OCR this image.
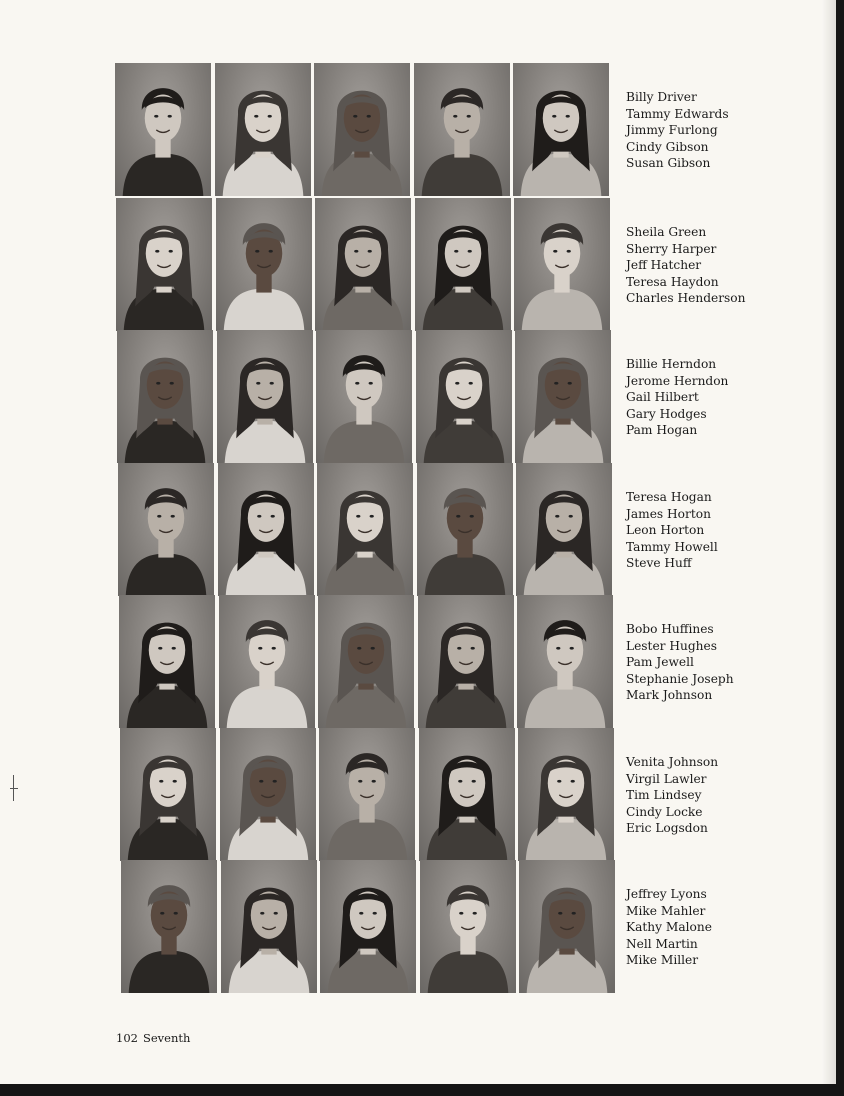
Billy Driver
Tammy Edwards
Jimmy Furlong
Cindy Gibson
Susan Gibson
Sheila Green
Sherry Harper
Jeff Hatcher
Teresa Haydon
Charles Henderson
Billie Herndon
Jerome Herndon
Gail Hilbert
Gary Hodges
Pam Hogan
Teresa Hogan
James Horton
Leon Horton
Tammy Howell
Steve Huff
Bobo Huffines
Lester Hughes
Pam Jewell
Stephanie Joseph
Mark Johnson
Venita Johnson
Virgil Lawler
Tim Lindsey
Cindy Locke
Eric Logsdon
Jeffrey Lyons
Mike Mahler
Kathy Malone
Nell Martin
Mike Miller
102 Seventh
